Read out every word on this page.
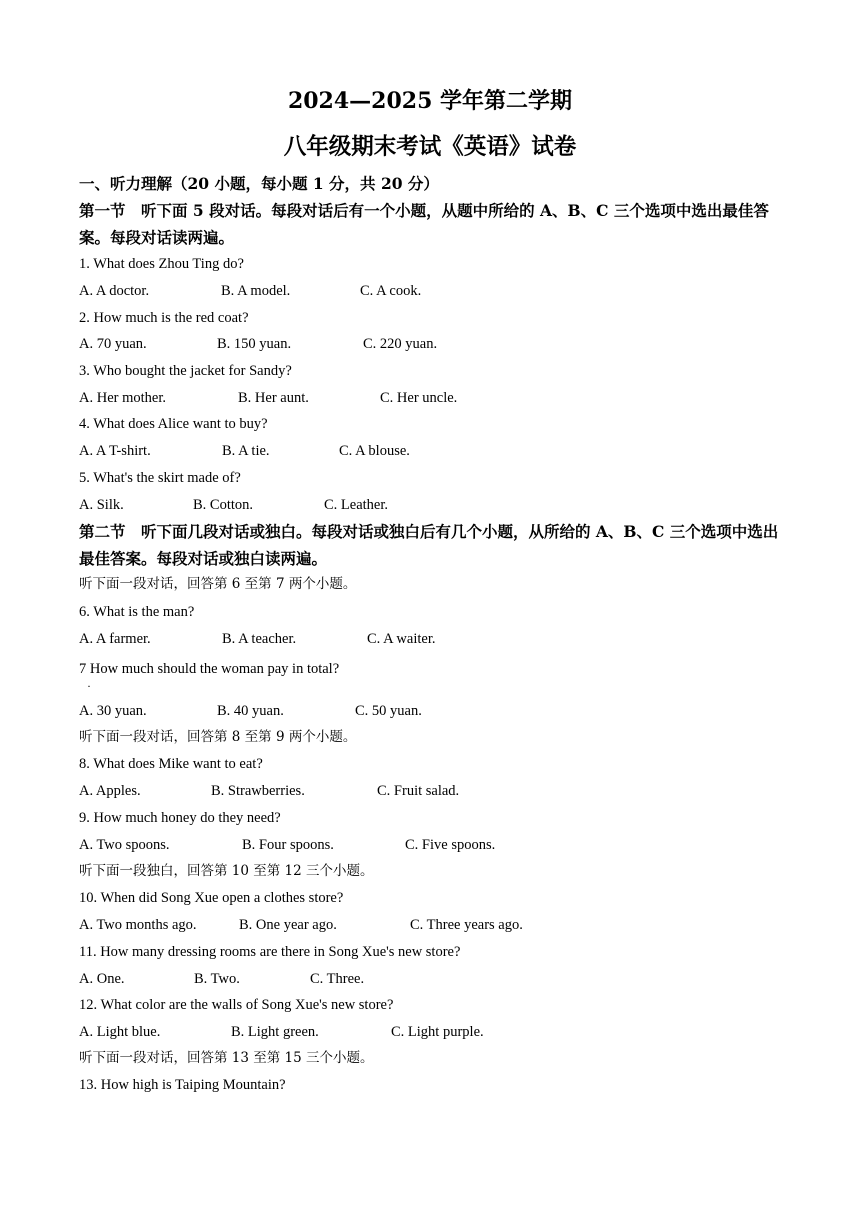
2024—2025 学年第二学期
八年级期末考试《英语》试卷
一、听力理解（20 小题，每小题 1 分，共 20 分）
第一节　听下面 5 段对话。每段对话后有一个小题，从题中所给的 A、B、C 三个选项中选出最佳答案。每段对话读两遍。
1. What does Zhou Ting do?
A. A doctor.	B. A model.	C. A cook.
2. How much is the red coat?
A. 70 yuan.	B. 150 yuan.	C. 220 yuan.
3. Who bought the jacket for Sandy?
A. Her mother.	B. Her aunt.	C. Her uncle.
4. What does Alice want to buy?
A. A T-shirt.	B. A tie.	C. A blouse.
5. What's the skirt made of?
A. Silk.	B. Cotton.	C. Leather.
第二节　听下面几段对话或独白。每段对话或独白后有几个小题，从所给的 A、B、C 三个选项中选出最佳答案。每段对话或独白读两遍。
听下面一段对话，回答第 6 至第 7 两个小题。
6. What is the man?
A. A farmer.	B. A teacher.	C. A waiter.
7 How much should the woman pay in total?
·
A. 30 yuan.	B. 40 yuan.	C. 50 yuan.
听下面一段对话，回答第 8 至第 9 两个小题。
8. What does Mike want to eat?
A. Apples.	B. Strawberries.	C. Fruit salad.
9. How much honey do they need?
A. Two spoons.	B. Four spoons.	C. Five spoons.
听下面一段独白，回答第 10 至第 12 三个小题。
10. When did Song Xue open a clothes store?
A. Two months ago.	B. One year ago.	C. Three years ago.
11. How many dressing rooms are there in Song Xue's new store?
A. One.	B. Two.	C. Three.
12. What color are the walls of Song Xue's new store?
A. Light blue.	B. Light green.	C. Light purple.
听下面一段对话，回答第 13 至第 15 三个小题。
13. How high is Taiping Mountain?
